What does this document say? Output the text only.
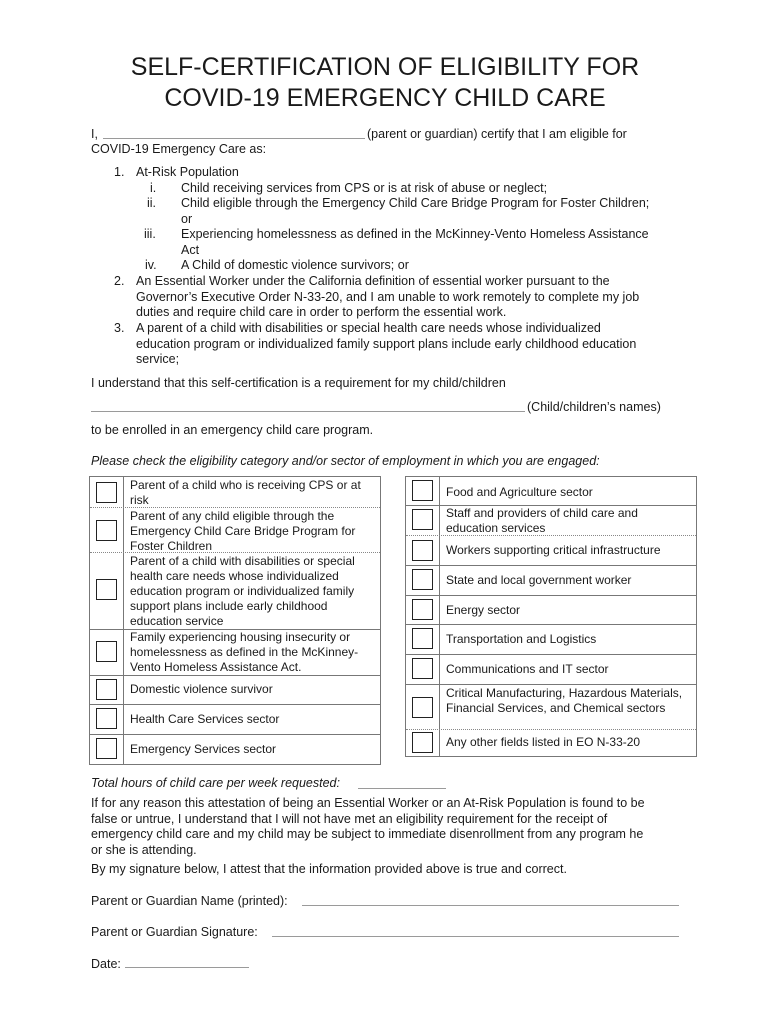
SELF-CERTIFICATION OF ELIGIBILITY FOR
COVID-19 EMERGENCY CHILD CARE
I,	(parent or guardian) certify that I am eligible for
COVID-19 Emergency Care as:
1. At-Risk Population
i. Child receiving services from CPS or is at risk of abuse or neglect;
ii. Child eligible through the Emergency Child Care Bridge Program for Foster Children;
or
iii. Experiencing homelessness as defined in the McKinney-Vento Homeless Assistance
Act
iv. A Child of domestic violence survivors; or
2. An Essential Worker under the California definition of essential worker pursuant to the
Governor’s Executive Order N-33-20, and I am unable to work remotely to complete my job
duties and require child care in order to perform the essential work.
3. A parent of a child with disabilities or special health care needs whose individualized
education program or individualized family support plans include early childhood education
service;
I understand that this self-certification is a requirement for my child/children
(Child/children’s names)
to be enrolled in an emergency child care program.
Please check the eligibility category and/or sector of employment in which you are engaged:
Parent of a child who is receiving CPS or at risk
Parent of any child eligible through the Emergency Child Care Bridge Program for Foster Children
Parent of a child with disabilities or special health care needs whose individualized education program or individualized family support plans include early childhood education service
Family experiencing housing insecurity or homelessness as defined in the McKinney-Vento Homeless Assistance Act.
Domestic violence survivor
Health Care Services sector
Emergency Services sector
Food and Agriculture sector
Staff and providers of child care and education services
Workers supporting critical infrastructure
State and local government worker
Energy sector
Transportation and Logistics
Communications and IT sector
Critical Manufacturing, Hazardous Materials, Financial Services, and Chemical sectors
Any other fields listed in EO N-33-20
Total hours of child care per week requested:
If for any reason this attestation of being an Essential Worker or an At-Risk Population is found to be
false or untrue, I understand that I will not have met an eligibility requirement for the receipt of
emergency child care and my child may be subject to immediate disenrollment from any program he
or she is attending.
By my signature below, I attest that the information provided above is true and correct.
Parent or Guardian Name (printed):
Parent or Guardian Signature:
Date:
